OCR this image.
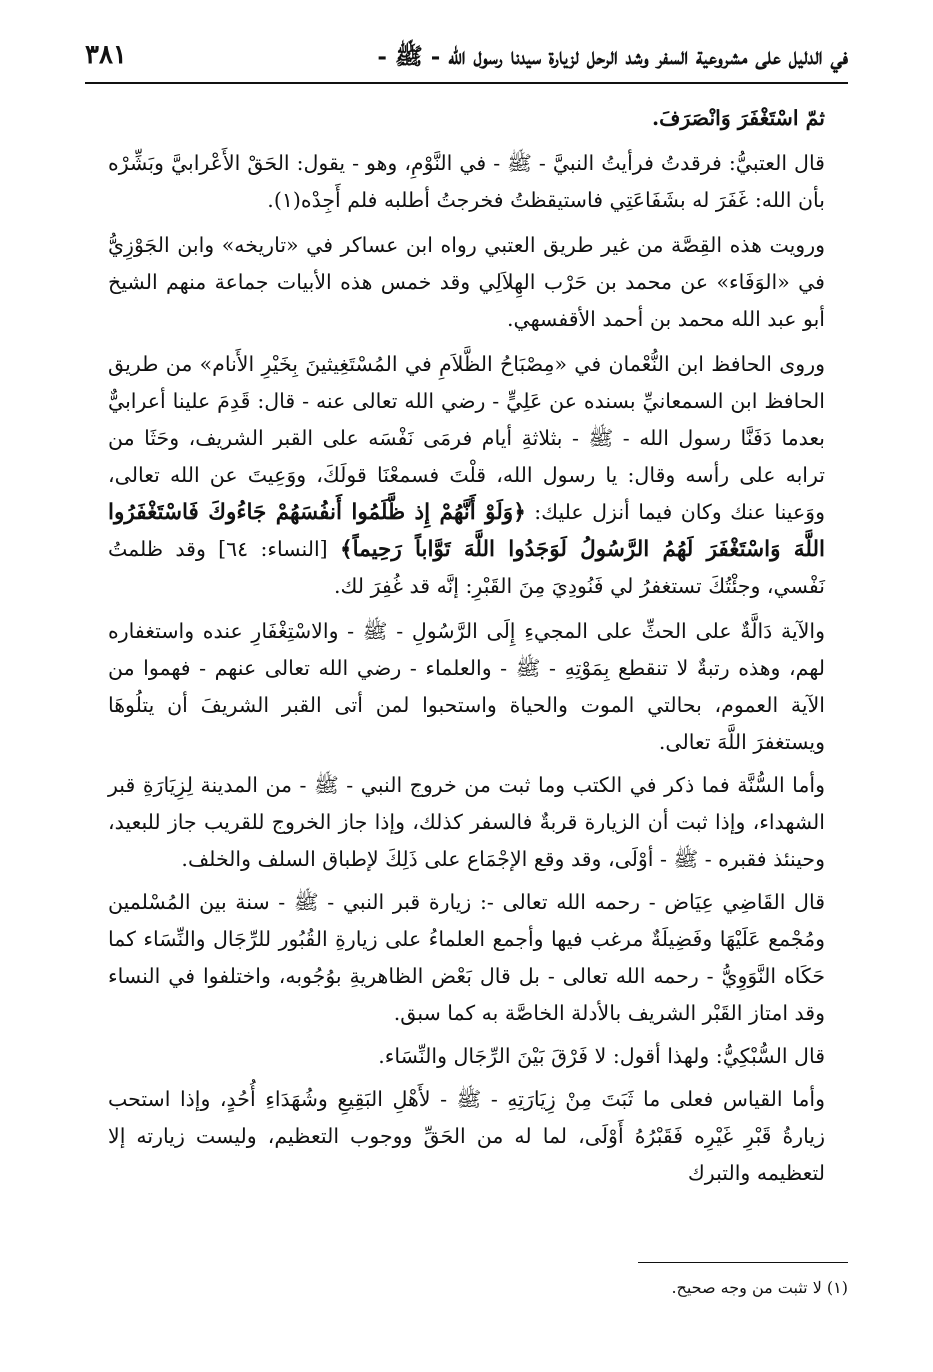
في الدليل على مشروعية السفر وشد الرحل لزيارة سيدنا رسول الله - ﷺ -
٣٨١

ثمّ اسْتَغْفَرَ وَانْصَرَفَ.

قال العتبيُّ: فرقدتُ فرأيتُ النبيَّ - ﷺ - في النَّوْمِ، وهو - يقول: الحَقْ الأَعْرابيَّ وبَشِّرْه بأن الله: غَفَرَ له بشَفَاعَتِي فاستيقظتُ فخرجتُ أطلبه فلم أَجِدْه(١).

ورويت هذه القِصَّة من غير طريق العتبي رواه ابن عساكر في «تاريخه» وابن الجَوْزِيُّ في «الوَفَاء» عن محمد بن حَرْب الهِلاَلِي وقد خمس هذه الأبيات جماعة منهم الشيخ أبو عبد الله محمد بن أحمد الأقفسهي.

وروى الحافظ ابن النُّعْمان في «مِصْبَاحُ الظَّلاَمِ في المُسْتَغِيثينَ بِخَيْرِ الأَنام» من طريق الحافظ ابن السمعانيِّ بسنده عن عَلِيٍّ - رضي الله تعالى عنه - قال: قَدِمَ علينا أعرابيٌّ بعدما دَفَنَّا رسول الله - ﷺ - بثلاثةِ أيام فرمَى نَفْسَه على القبر الشريف، وحَثَا من ترابه على رأسه وقال: يا رسول الله، قلْتَ فسمعْنَا قولَكَ، ووَعِيتَ عن الله تعالى، ووَعينا عنك وكان فيما أنزل عليك: ﴿وَلَوْ أَنَّهُمْ إِذ ظَّلَمُوا أَنفُسَهُمْ جَاءُوكَ فَاسْتَغْفَرُوا اللَّهَ وَاسْتَغْفَرَ لَهُمُ الرَّسُولُ لَوَجَدُوا اللَّهَ تَوَّاباً رَحِيماً﴾ [النساء: ٦٤] وقد ظلمتُ نَفْسي، وجئْتُكَ تستغفرُ لي فَنُودِيَ مِنَ القَبْرِ: إنَّه قد غُفِرَ لك.

والآية دَالَّةٌ على الحثِّ على المجيءِ إِلَى الرَّسُولِ - ﷺ - والاسْتِغْفَارِ عنده واستغفاره لهم، وهذه رتبةٌ لا تنقطع بِمَوْتِهِ - ﷺ - والعلماء - رضي الله تعالى عنهم - فهموا من الآية العموم، بحالتي الموت والحياة واستحبوا لمن أتى القبر الشريفَ أن يتلُوهَا ويستغفرَ اللَّهَ تعالى.

وأما السُّنَّة فما ذكر في الكتب وما ثبت من خروج النبي - ﷺ - من المدينة لِزِيَارَةِ قبر الشهداء، وإذا ثبت أن الزيارة قربةٌ فالسفر كذلك، وإذا جاز الخروج للقريب جاز للبعيد، وحينئذ فقبره - ﷺ - أوْلَى، وقد وقع الإجْمَاع على ذَلِكَ لإطباق السلف والخلف.

قال القَاضِي عِيَاض - رحمه الله تعالى -: زيارة قبر النبي - ﷺ - سنة بين المُسْلمين ومُجْمع عَلَيْهَا وفَضِيلَةٌ مرغب فيها وأجمع العلماءُ على زيارةِ القُبُور للرِّجَال والنِّسَاء كما حَكَاه النَّوَوِيُّ - رحمه الله تعالى - بل قال بَعْض الظاهريةِ بوُجُوبه، واختلفوا في النساء وقد امتاز القَبْر الشريف بالأدلة الخاصَّة به كما سبق.

قال السُّبْكِيُّ: ولهذا أقول: لا فَرْقَ بَيْنَ الرِّجَال والنِّسَاء.

وأما القياس فعلى ما ثَبَتَ مِنْ زِيَارَتِهِ - ﷺ - لأَهْلِ البَقِيعِ وشُهَدَاءِ أُحُدٍ، وإذا استحب زيارةُ قَبْرِ غَيْرِه فَقَبْرُهُ أَوْلَى، لما له من الحَقِّ ووجوب التعظيم، وليست زيارته إلا لتعظيمه والتبرك

(١) لا تثبت من وجه صحيح.
